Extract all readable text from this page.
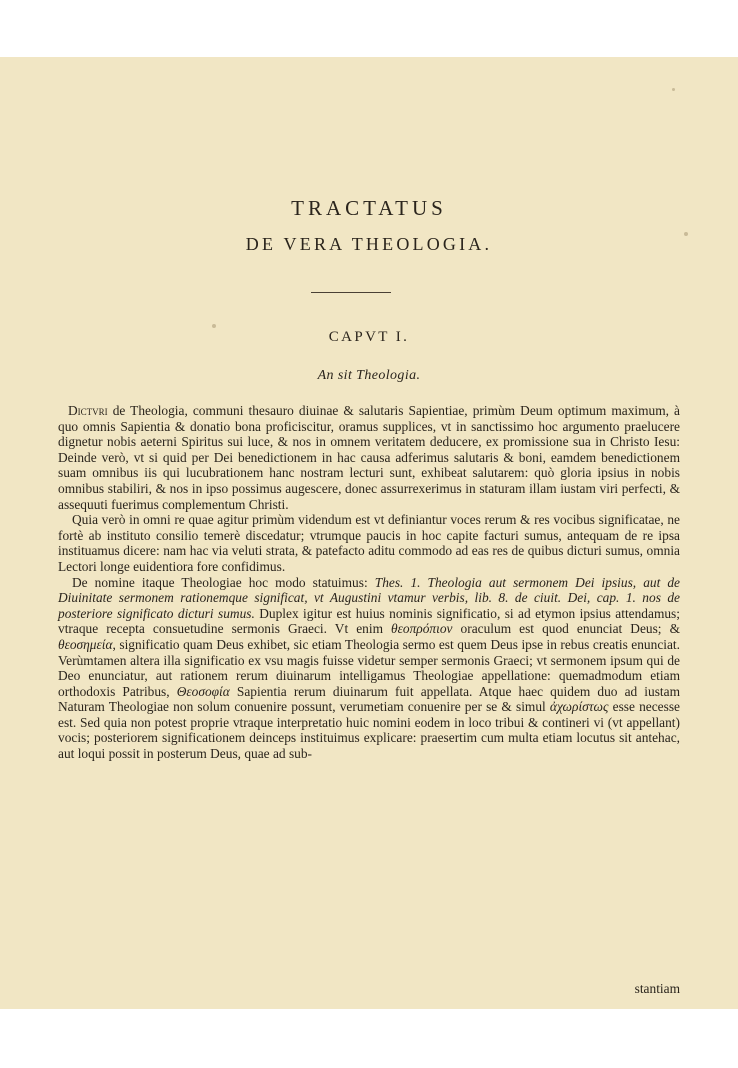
TRACTATUS
DE VERA THEOLOGIA.
CAPVT I.
An sit Theologia.

Dictvri de Theologia, communi thesauro diuinae & salutaris Sapientiae, primùm Deum optimum maximum, à quo omnis Sapientia & donatio bona proficiscitur, oramus supplices, vt in sanctissimo hoc argumento praelucere dignetur nobis aeterni Spiritus sui luce, & nos in omnem veritatem deducere, ex promissione sua in Christo Iesu: Deinde verò, vt si quid per Dei benedictionem in hac causa adferimus salutaris & boni, eamdem benedictionem suam omnibus iis qui lucubrationem hanc nostram lecturi sunt, exhibeat salutarem: quò gloria ipsius in nobis omnibus stabiliri, & nos in ipso possimus augescere, donec assurrexerimus in staturam illam iustam viri perfecti, & assequuti fuerimus complementum Christi.

Quia verò in omni re quae agitur primùm videndum est vt definiantur voces rerum & res vocibus significatae, ne fortè ab instituto consilio temerè discedatur; vtrumque paucis in hoc capite facturi sumus, antequam de re ipsa instituamus dicere: nam hac via veluti strata, & patefacto aditu commodo ad eas res de quibus dicturi sumus, omnia Lectori longe euidentiora fore confidimus.

De nomine itaque Theologiae hoc modo statuimus: Thes. 1. Theologia aut sermonem Dei ipsius, aut de Diuinitate sermonem rationemque significat, vt Augustini vtamur verbis, lib. 8. de ciuit. Dei, cap. 1. nos de posteriore significato dicturi sumus. Duplex igitur est huius nominis significatio, si ad etymon ipsius attendamus; vtraque recepta consuetudine sermonis Graeci. Vt enim θεοπρόπιον oraculum est quod enunciat Deus; & θεοσημεία, significatio quam Deus exhibet, sic etiam Theologia sermo est quem Deus ipse in rebus creatis enunciat. Verùmtamen altera illa significatio ex vsu magis fuisse videtur semper sermonis Graeci; vt sermonem ipsum qui de Deo enunciatur, aut rationem rerum diuinarum intelligamus Theologiae appellatione: quemadmodum etiam orthodoxis Patribus, Θεοσοφία Sapientia rerum diuinarum fuit appellata. Atque haec quidem duo ad iustam Naturam Theologiae non solum conuenire possunt, verumetiam conuenire per se & simul ἀχωρίστως esse necesse est. Sed quia non potest proprie vtraque interpretatio huic nomini eodem in loco tribui & contineri vi (vt appellant) vocis; posteriorem significationem deinceps instituimus explicare: praesertim cum multa etiam locutus sit antehac, aut loqui possit in posterum Deus, quae ad sub-

stantiam
